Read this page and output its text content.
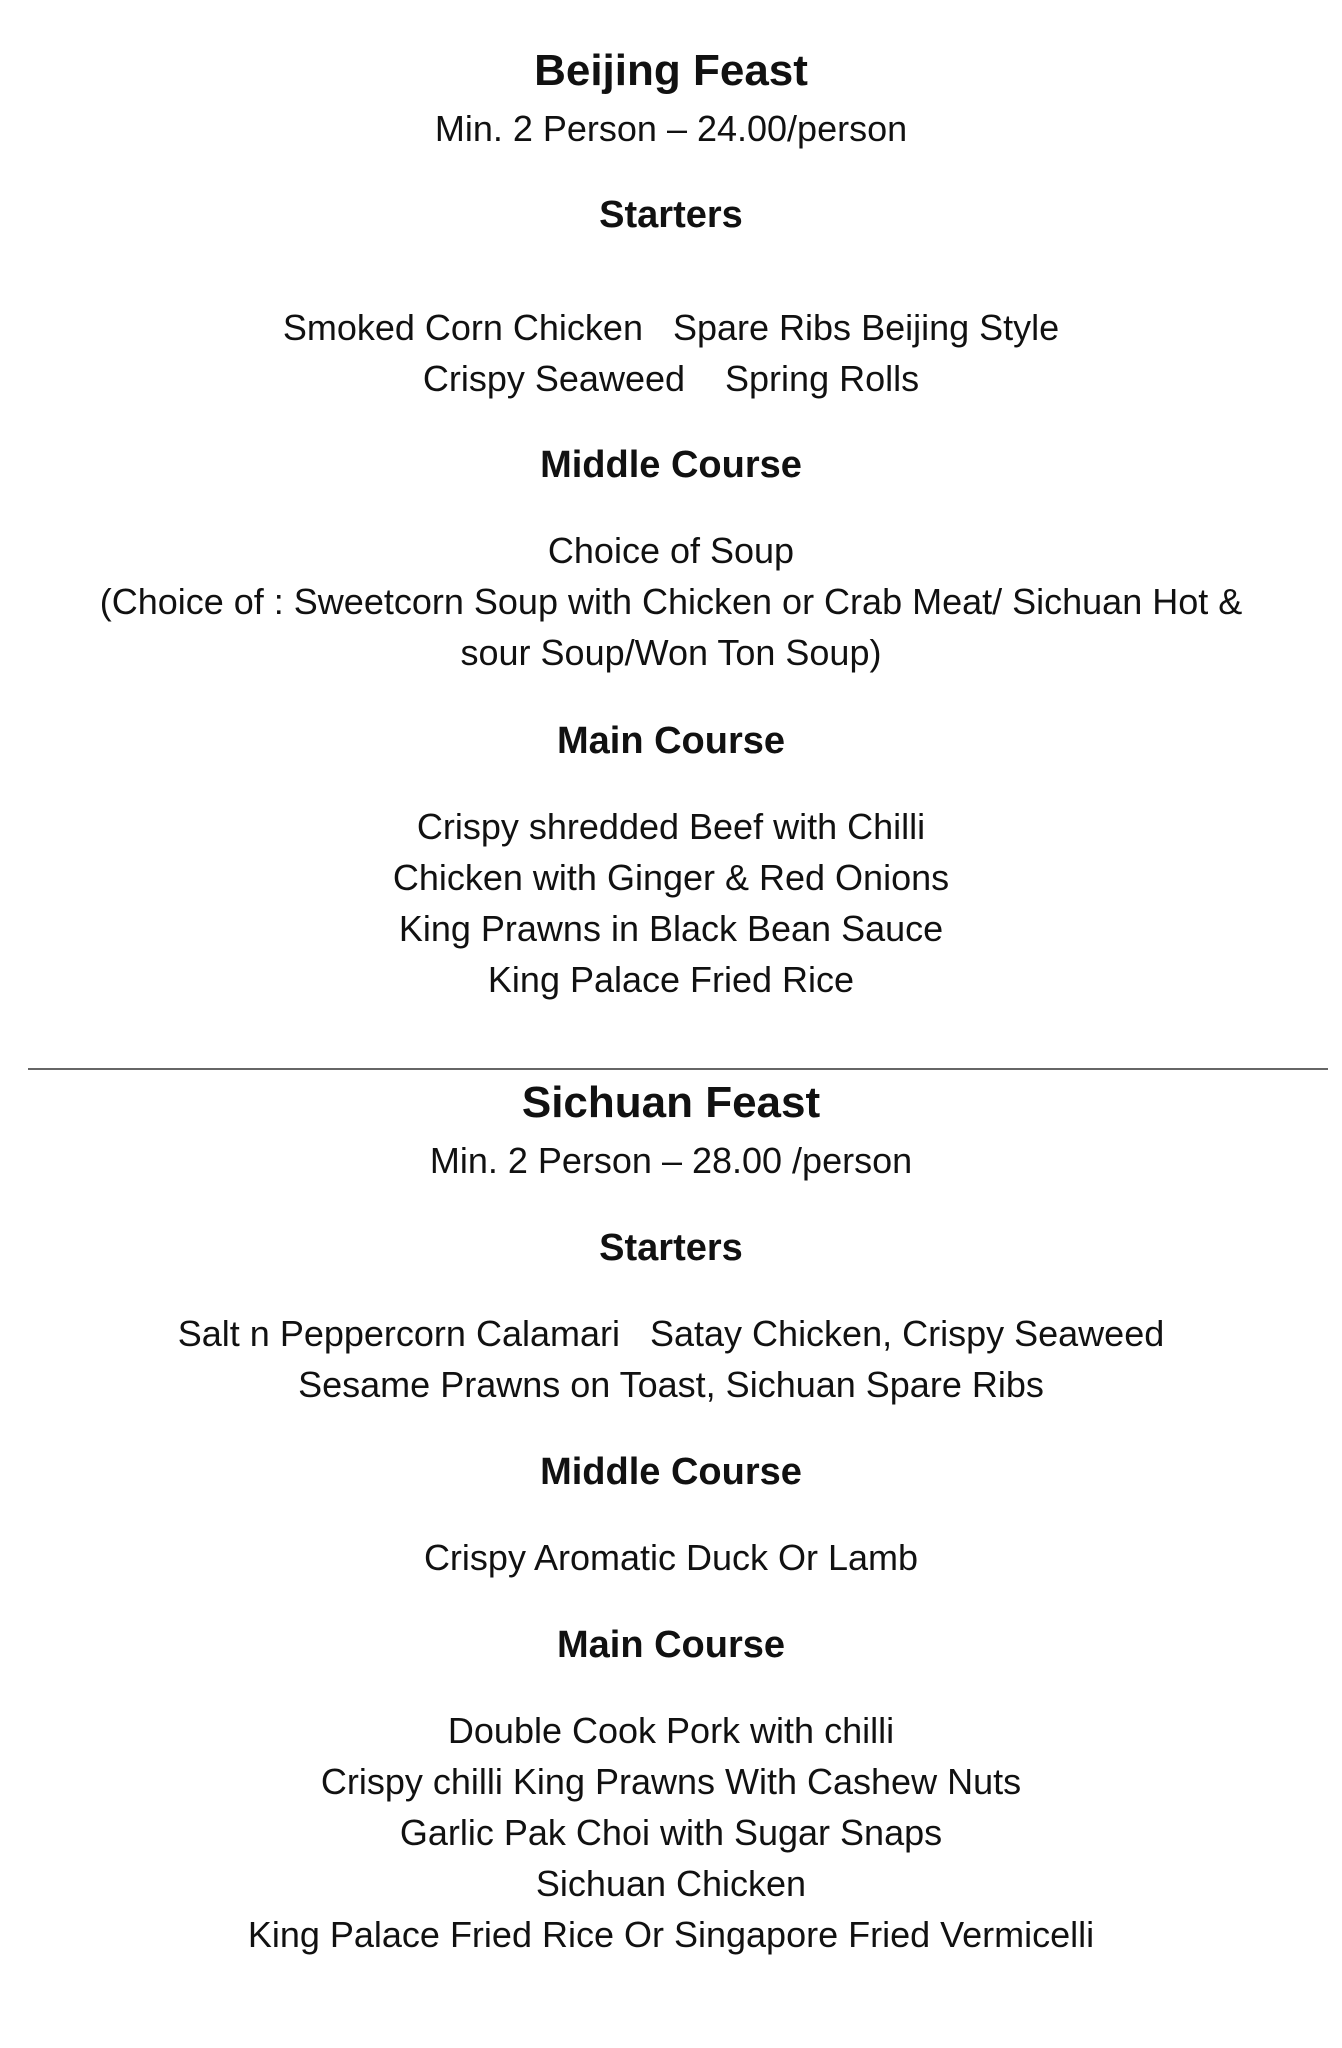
Beijing Feast
Min. 2 Person – 24.00/person
Starters
Smoked Corn Chicken   Spare Ribs Beijing Style
Crispy Seaweed    Spring Rolls
Middle Course
Choice of Soup
(Choice of : Sweetcorn Soup with Chicken or Crab Meat/ Sichuan Hot &
sour Soup/Won Ton Soup)
Main Course
Crispy shredded Beef with Chilli
Chicken with Ginger & Red Onions
King Prawns in Black Bean Sauce
King Palace Fried Rice
Sichuan Feast
Min. 2 Person – 28.00 /person
Starters
Salt n Peppercorn Calamari   Satay Chicken, Crispy Seaweed
Sesame Prawns on Toast, Sichuan Spare Ribs
Middle Course
Crispy Aromatic Duck Or Lamb
Main Course
Double Cook Pork with chilli
Crispy chilli King Prawns With Cashew Nuts
Garlic Pak Choi with Sugar Snaps
Sichuan Chicken
King Palace Fried Rice Or Singapore Fried Vermicelli
